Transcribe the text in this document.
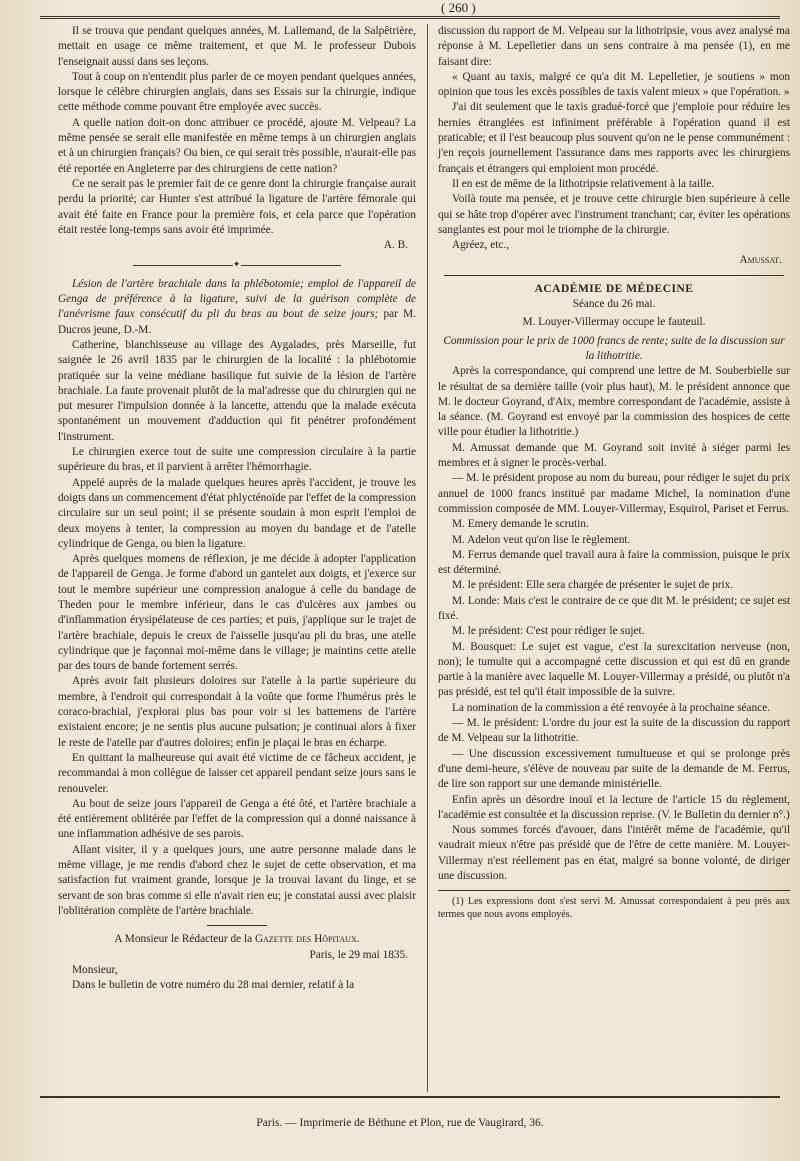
( 260 )

Il se trouva que pendant quelques années, M. Lallemand, de la Salpêtrière, mettait en usage ce même traitement, et que M. le professeur Dubois l'enseignait aussi dans ses leçons.

Tout à coup on n'entendit plus parler de ce moyen pendant quelques années, lorsque le célèbre chirurgien anglais, dans ses Essais sur la chirurgie, indique cette méthode comme pouvant être employée avec succès.

A quelle nation doit-on donc attribuer ce procédé, ajoute M. Velpeau? La même pensée se serait elle manifestée en même temps à un chirurgien anglais et à un chirurgien français? Ou bien, ce qui serait très possible, n'aurait-elle pas été reportée en Angleterre par des chirurgiens de cette nation?

Ce ne serait pas le premier fait de ce genre dont la chirurgie française aurait perdu la priorité; car Hunter s'est attribué la ligature de l'artère fémorale qui avait été faite en France pour la première fois, et cela parce que l'opération était restée long-temps sans avoir été imprimée.

A. B.

✦

Lésion de l'artère brachiale dans la phlébotomie; emploi de l'appareil de Genga de préférence à la ligature, suivi de la guérison complète de l'anévrisme faux consécutif du pli du bras au bout de seize jours; par M. Ducros jeune, D.-M.

Catherine, blanchisseuse au village des Aygalades, près Marseille, fut saignée le 26 avril 1835 par le chirurgien de la localité : la phlébotomie pratiquée sur la veine médiane basilique fut suivie de la lésion de l'artère brachiale. La faute provenait plutôt de la mal'adresse que du chirurgien qui ne put mesurer l'impulsion donnée à la lancette, attendu que la malade exécuta spontanément un mouvement d'adduction qui fit pénétrer profondément l'instrument.

Le chirurgien exerce tout de suite une compression circulaire à la partie supérieure du bras, et il parvient à arrêter l'hémorrhagie.

Appelé auprès de la malade quelques heures après l'accident, je trouve les doigts dans un commencement d'état phlycténoïde par l'effet de la compression circulaire sur un seul point; il se présente soudain à mon esprit l'emploi de deux moyens à tenter, la compression au moyen du bandage et de l'atelle cylindrique de Genga, ou bien la ligature.

Après quelques momens de réflexion, je me décide à adopter l'application de l'appareil de Genga. Je forme d'abord un gantelet aux doigts, et j'exerce sur tout le membre supérieur une compression analogue à celle du bandage de Theden pour le membre inférieur, dans le cas d'ulcères aux jambes ou d'inflammation érysipélateuse de ces parties; et puis, j'applique sur le trajet de l'artère brachiale, depuis le creux de l'aisselle jusqu'au pli du bras, une atelle cylindrique que je façonnai moi-même dans le village; je maintins cette atelle par des tours de bande fortement serrés.

Après avoir fait plusieurs doloires sur l'atelle à la partie supérieure du membre, à l'endroit qui correspondait à la voûte que forme l'humérus près le coraco-brachial, j'explorai plus bas pour voir si les battemens de l'artère existaient encore; je ne sentis plus aucune pulsation; je continuai alors à fixer le reste de l'atelle par d'autres doloires; enfin je plaçai le bras en écharpe.

En quittant la malheureuse qui avait été victime de ce fâcheux accident, je recommandai à mon collègue de laisser cet appareil pendant seize jours sans le renouveler.

Au bout de seize jours l'appareil de Genga a été ôté, et l'artère brachiale a été entièrement oblitérée par l'effet de la compression qui a donné naissance à une inflammation adhésive de ses parois.

Allant visiter, il y a quelques jours, une autre personne malade dans le même village, je me rendis d'abord chez le sujet de cette observation, et ma satisfaction fut vraiment grande, lorsque je la trouvai lavant du linge, et se servant de son bras comme si elle n'avait rien eu; je constatai aussi avec plaisir l'oblitération complète de l'artère brachiale.

A Monsieur le Rédacteur de la Gazette des Hôpitaux.

Paris, le 29 mai 1835.

Monsieur,

Dans le bulletin de votre numéro du 28 mai dernier, relatif à la

discussion du rapport de M. Velpeau sur la lithotripsie, vous avez analysé ma réponse à M. Lepelletier dans un sens contraire à ma pensée (1), en me faisant dire:

« Quant au taxis, malgré ce qu'a dit M. Lepelletier, je soutiens » mon opinion que tous les excès possibles de taxis valent mieux » que l'opération. »

J'ai dit seulement que le taxis gradué-forcé que j'emploie pour réduire les hernies étranglées est infiniment préférable à l'opération quand il est praticable; et il l'est beaucoup plus souvent qu'on ne le pense communément : j'en reçois journellement l'assurance dans mes rapports avec les chirurgiens français et étrangers qui emploient mon procédé.

Il en est de même de la lithotripsie relativement à la taille.

Voilà toute ma pensée, et je trouve cette chirurgie bien supérieure à celle qui se hâte trop d'opérer avec l'instrument tranchant; car, éviter les opérations sanglantes est pour moi le triomphe de la chirurgie.

Agréez, etc.,

Amussat.

ACADÉMIE DE MÉDECINE

Séance du 26 mai.

M. Louyer-Villermay occupe le fauteuil.

Commission pour le prix de 1000 francs de rente; suite de la discussion sur la lithotritie.

Après la correspondance, qui comprend une lettre de M. Souberbielle sur le résultat de sa dernière taille (voir plus haut), M. le président annonce que M. le docteur Goyrand, d'Aix, membre correspondant de l'académie, assiste à la séance. (M. Goyrand est envoyé par la commission des hospices de cette ville pour étudier la lithotritie.)

M. Amussat demande que M. Goyrand soit invité à siéger parmi les membres et à signer le procès-verbal.

— M. le président propose au nom du bureau, pour rédiger le sujet du prix annuel de 1000 francs institué par madame Michel, la nomination d'une commission composée de MM. Louyer-Villermay, Esquirol, Pariset et Ferrus.

M. Emery demande le scrutin.

M. Adelon veut qu'on lise le règlement.

M. Ferrus demande quel travail aura à faire la commission, puisque le prix est déterminé.

M. le président: Elle sera chargée de présenter le sujet de prix.

M. Londe: Mais c'est le contraire de ce que dit M. le président; ce sujet est fixé.

M. le président: C'est pour rédiger le sujet.

M. Bousquet: Le sujet est vague, c'est la surexcitation nerveuse (non, non); le tumulte qui a accompagné cette discussion et qui est dû en grande partie à la manière avec laquelle M. Louyer-Villermay a présidé, ou plutôt n'a pas présidé, est tel qu'il était impossible de la suivre.

La nomination de la commission a été renvoyée à la prochaine séance.

— M. le président: L'ordre du jour est la suite de la discussion du rapport de M. Velpeau sur la lithotritie.

— Une discussion excessivement tumultueuse et qui se prolonge près d'une demi-heure, s'élève de nouveau par suite de la demande de M. Ferrus, de lire son rapport sur une demande ministérielle.

Enfin après un désordre inouï et la lecture de l'article 15 du règlement, l'académie est consultée et la discussion reprise. (V. le Bulletin du dernier n°.)

Nous sommes forcés d'avouer, dans l'intérêt même de l'académie, qu'il vaudrait mieux n'être pas présidé que de l'être de cette manière. M. Louyer-Villermay n'est réellement pas en état, malgré sa bonne volonté, de diriger une discussion.

(1) Les expressions dont s'est servi M. Amussat correspondaient à peu près aux termes que nous avons employés.

Paris. — Imprimerie de Béthune et Plon, rue de Vaugirard, 36.
